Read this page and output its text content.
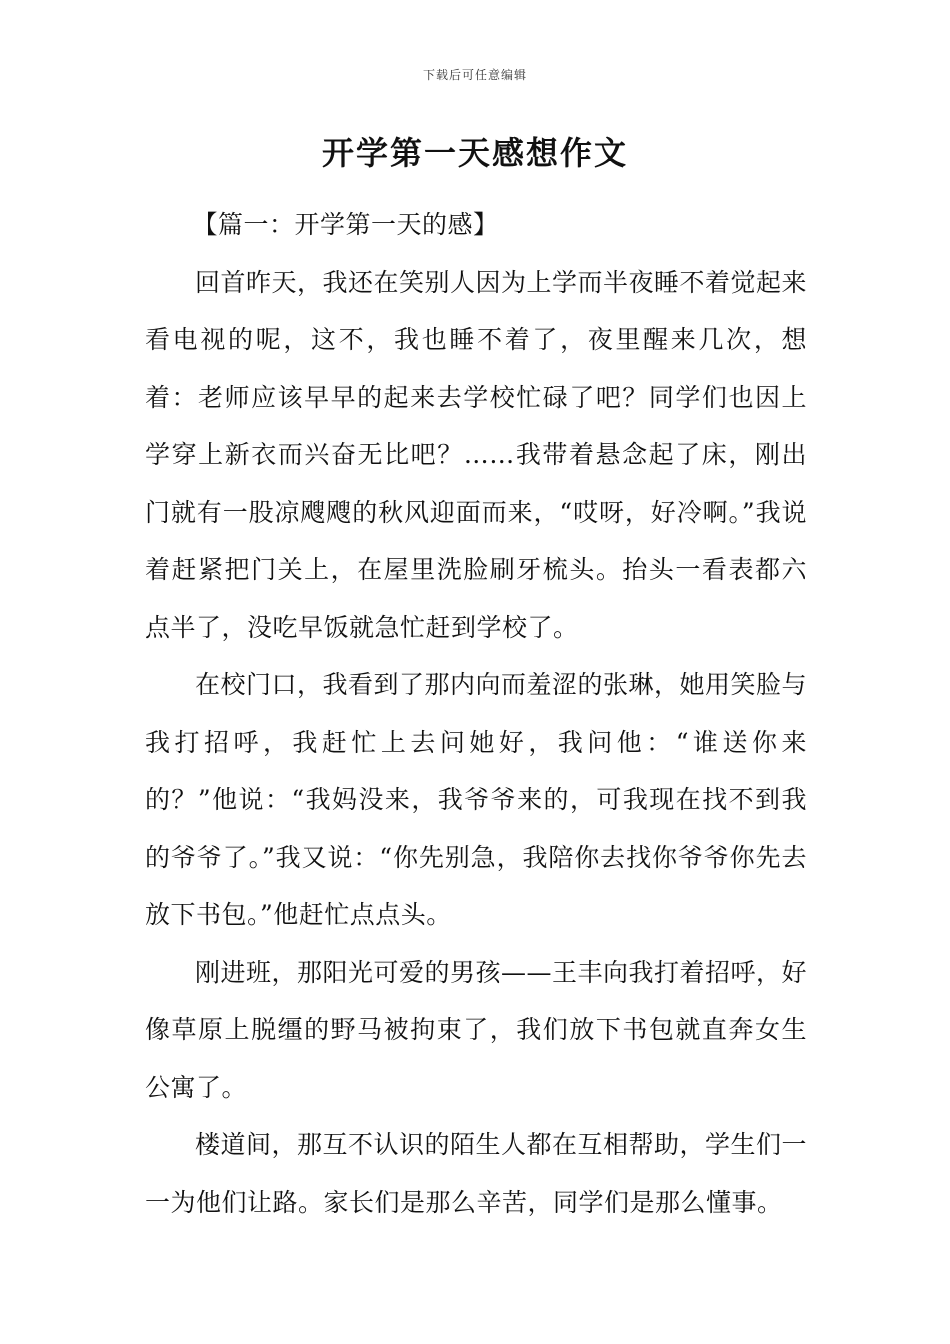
下载后可任意编辑
开学第一天感想作文

【篇一：开学第一天的感】

回首昨天，我还在笑别人因为上学而半夜睡不着觉起来看电视的呢，这不，我也睡不着了，夜里醒来几次，想着：老师应该早早的起来去学校忙碌了吧？同学们也因上学穿上新衣而兴奋无比吧？……我带着悬念起了床，刚出门就有一股凉飕飕的秋风迎面而来，“哎呀，好冷啊。”我说着赶紧把门关上，在屋里洗脸刷牙梳头。抬头一看表都六点半了，没吃早饭就急忙赶到学校了。

在校门口，我看到了那内向而羞涩的张琳，她用笑脸与我打招呼，我赶忙上去问她好，我问他：“谁送你来的？”他说：“我妈没来，我爷爷来的，可我现在找不到我的爷爷了。”我又说：“你先别急，我陪你去找你爷爷你先去放下书包。”他赶忙点点头。

刚进班，那阳光可爱的男孩——王丰向我打着招呼，好像草原上脱缰的野马被拘束了，我们放下书包就直奔女生公寓了。

楼道间，那互不认识的陌生人都在互相帮助，学生们一一为他们让路。家长们是那么辛苦，同学们是那么懂事。
